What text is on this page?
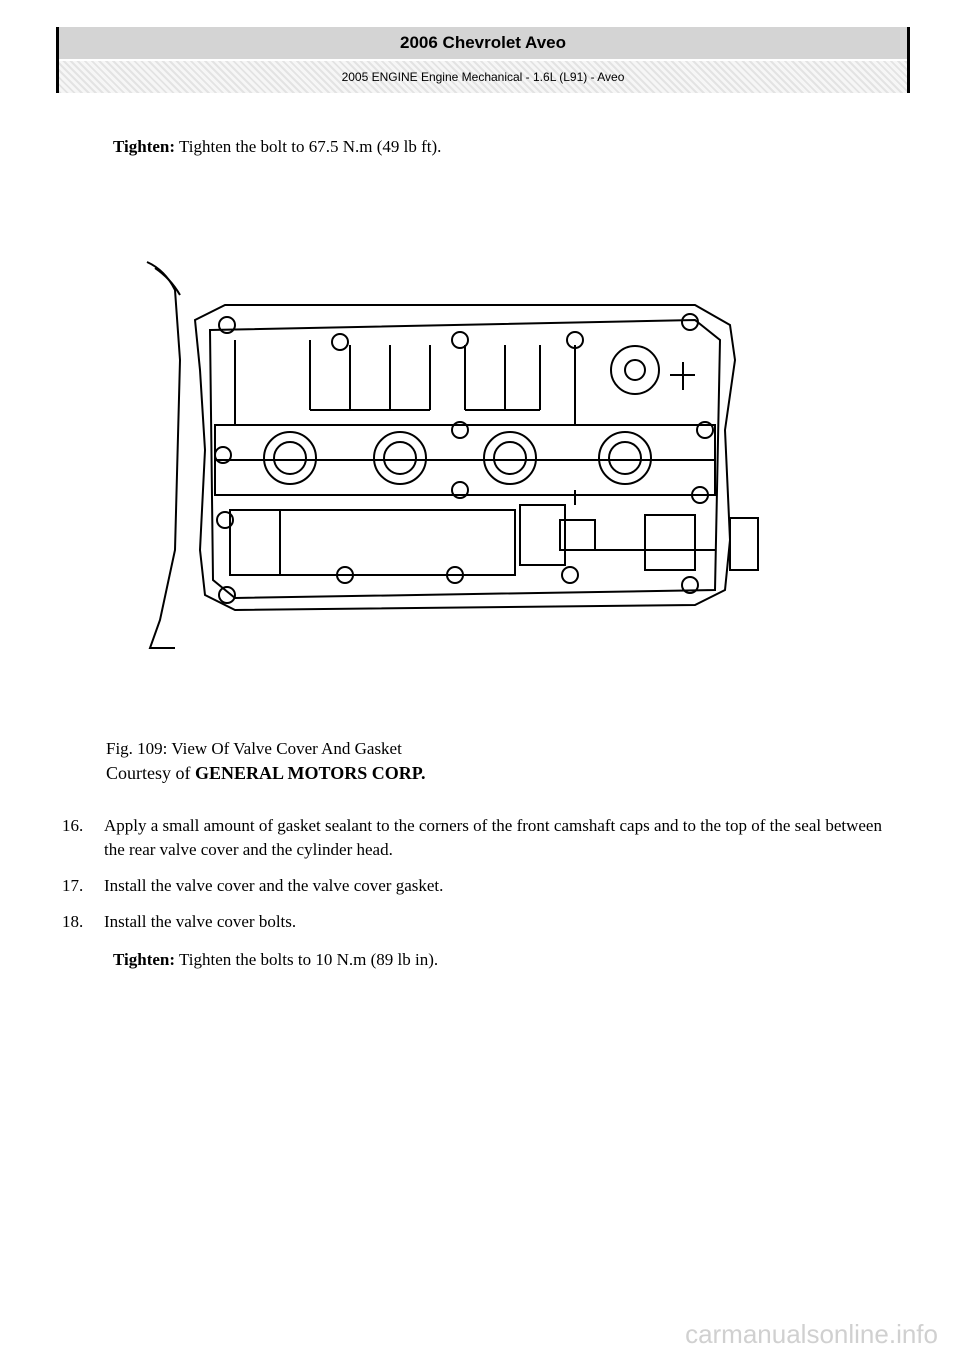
2006 Chevrolet Aveo
2005 ENGINE Engine Mechanical - 1.6L (L91) - Aveo
Tighten: Tighten the bolt to 67.5 N.m (49 lb ft).
Fig. 109: View Of Valve Cover And Gasket
Courtesy of GENERAL MOTORS CORP.
16.	Apply a small amount of gasket sealant to the corners of the front camshaft caps and to the top of the seal between the rear valve cover and the cylinder head.
17.	Install the valve cover and the valve cover gasket.
18.	Install the valve cover bolts.
Tighten: Tighten the bolts to 10 N.m (89 lb in).
carmanualsonline.info
